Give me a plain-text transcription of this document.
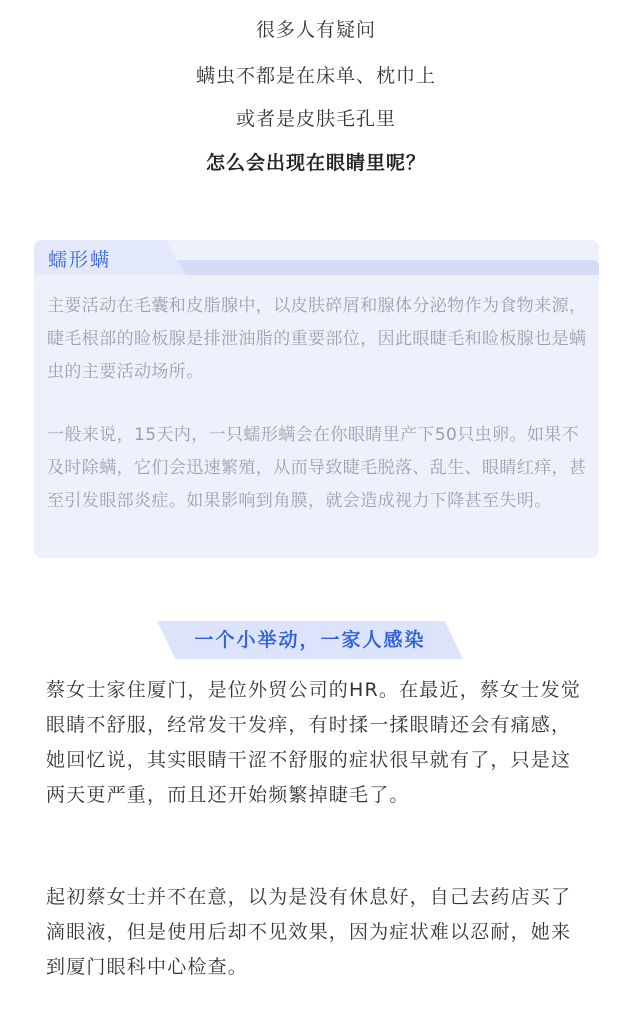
很多人有疑问
螨虫不都是在床单、枕巾上
或者是皮肤毛孔里
怎么会出现在眼睛里呢？
蠕形螨

主要活动在毛囊和皮脂腺中，以皮肤碎屑和腺体分泌物作为食物来源，睫毛根部的睑板腺是排泄油脂的重要部位，因此眼睫毛和睑板腺也是螨虫的主要活动场所。

一般来说，15天内，一只蠕形螨会在你眼睛里产下50只虫卵。如果不及时除螨，它们会迅速繁殖，从而导致睫毛脱落、乱生、眼睛红痒，甚至引发眼部炎症。如果影响到角膜，就会造成视力下降甚至失明。

一个小举动，一家人感染

蔡女士家住厦门，是位外贸公司的HR。在最近，蔡女士发觉眼睛不舒服，经常发干发痒，有时揉一揉眼睛还会有痛感，她回忆说，其实眼睛干涩不舒服的症状很早就有了，只是这两天更严重，而且还开始频繁掉睫毛了。

起初蔡女士并不在意，以为是没有休息好，自己去药店买了滴眼液，但是使用后却不见效果，因为症状难以忍耐，她来到厦门眼科中心检查。
